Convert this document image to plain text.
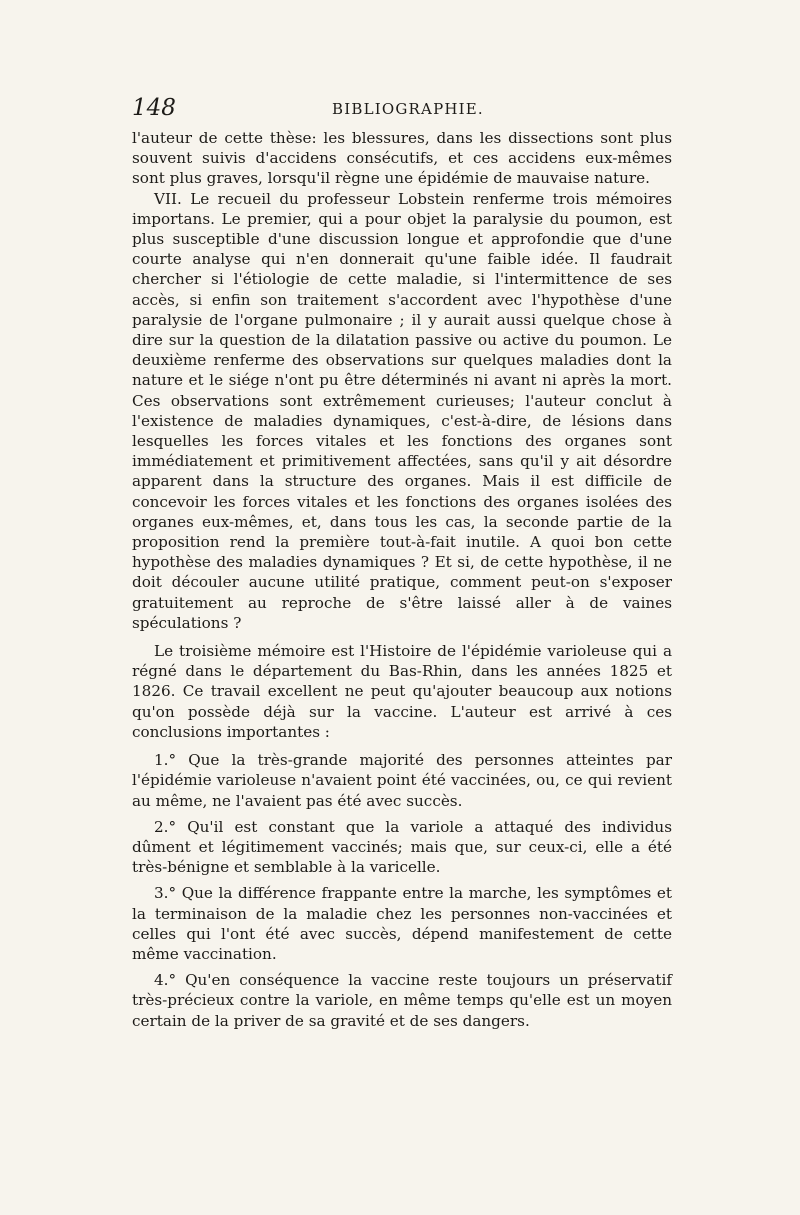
148	BIBLIOGRAPHIE.

l'auteur de cette thèse: les blessures, dans les dissections sont plus souvent suivis d'accidens consécutifs, et ces accidens eux-mêmes sont plus graves, lorsqu'il règne une épidémie de mauvaise nature.

VII. Le recueil du professeur Lobstein renferme trois mémoires importans. Le premier, qui a pour objet la paralysie du poumon, est plus susceptible d'une discussion longue et approfondie que d'une courte analyse qui n'en donnerait qu'une faible idée. Il faudrait chercher si l'étiologie de cette maladie, si l'intermittence de ses accès, si enfin son traitement s'accordent avec l'hypothèse d'une paralysie de l'organe pulmonaire ; il y aurait aussi quelque chose à dire sur la question de la dilatation passive ou active du poumon. Le deuxième renferme des observations sur quelques maladies dont la nature et le siége n'ont pu être déterminés ni avant ni après la mort. Ces observations sont extrêmement curieuses; l'auteur conclut à l'existence de maladies dynamiques, c'est-à-dire, de lésions dans lesquelles les forces vitales et les fonctions des organes sont immédiatement et primitivement affectées, sans qu'il y ait désordre apparent dans la structure des organes. Mais il est difficile de concevoir les forces vitales et les fonctions des organes isolées des organes eux-mêmes, et, dans tous les cas, la seconde partie de la proposition rend la première tout-à-fait inutile. A quoi bon cette hypothèse des maladies dynamiques ? Et si, de cette hypothèse, il ne doit découler aucune utilité pratique, comment peut-on s'exposer gratuitement au reproche de s'être laissé aller à de vaines spéculations ?

Le troisième mémoire est l'Histoire de l'épidémie varioleuse qui a régné dans le département du Bas-Rhin, dans les années 1825 et 1826. Ce travail excellent ne peut qu'ajouter beaucoup aux notions qu'on possède déjà sur la vaccine. L'auteur est arrivé à ces conclusions importantes :

1.° Que la très-grande majorité des personnes atteintes par l'épidémie varioleuse n'avaient point été vaccinées, ou, ce qui revient au même, ne l'avaient pas été avec succès.

2.° Qu'il est constant que la variole a attaqué des individus dûment et légitimement vaccinés; mais que, sur ceux-ci, elle a été très-bénigne et semblable à la varicelle.

3.° Que la différence frappante entre la marche, les symptômes et la terminaison de la maladie chez les personnes non-vaccinées et celles qui l'ont été avec succès, dépend manifestement de cette même vaccination.

4.° Qu'en conséquence la vaccine reste toujours un préservatif très-précieux contre la variole, en même temps qu'elle est un moyen certain de la priver de sa gravité et de ses dangers.
